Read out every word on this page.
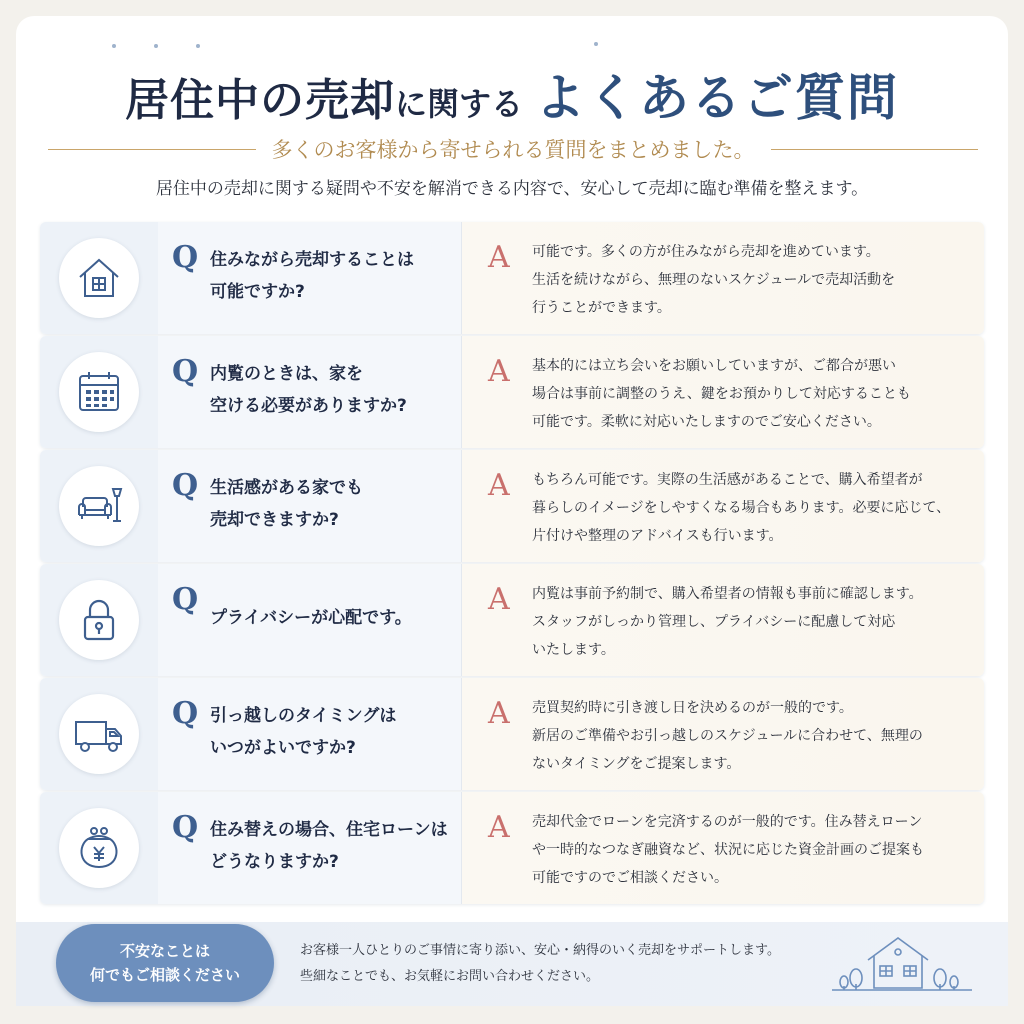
居住中の売却に関する よくあるご質問
多くのお客様から寄せられる質問をまとめました。

居住中の売却に関する疑問や不安を解消できる内容で、安心して売却に臨む準備を整えます。

Q 住みながら売却することは
可能ですか?
A	可能です。多くの方が住みながら売却を進めています。
生活を続けながら、無理のないスケジュールで売却活動を
行うことができます。
Q 内覧のときは、家を
空ける必要がありますか?
A	基本的には立ち会いをお願いしていますが、ご都合が悪い
場合は事前に調整のうえ、鍵をお預かりして対応することも
可能です。柔軟に対応いたしますのでご安心ください。
Q 生活感がある家でも
売却できますか?
A	もちろん可能です。実際の生活感があることで、購入希望者が
暮らしのイメージをしやすくなる場合もあります。必要に応じて、
片付けや整理のアドバイスも行います。
Q
プライバシーが心配です。
A	内覧は事前予約制で、購入希望者の情報も事前に確認します。
スタッフがしっかり管理し、プライバシーに配慮して対応
いたします。
Q 引っ越しのタイミングは
いつがよいですか?
A	売買契約時に引き渡し日を決めるのが一般的です。
新居のご準備やお引っ越しのスケジュールに合わせて、無理の
ないタイミングをご提案します。
Q 住み替えの場合、住宅ローンは
どうなりますか?
A	売却代金でローンを完済するのが一般的です。住み替えローン
や一時的なつなぎ融資など、状況に応じた資金計画のご提案も
可能ですのでご相談ください。
不安なことは
何でもご相談ください

お客様一人ひとりのご事情に寄り添い、安心・納得のいく売却をサポートします。
些細なことでも、お気軽にお問い合わせください。
